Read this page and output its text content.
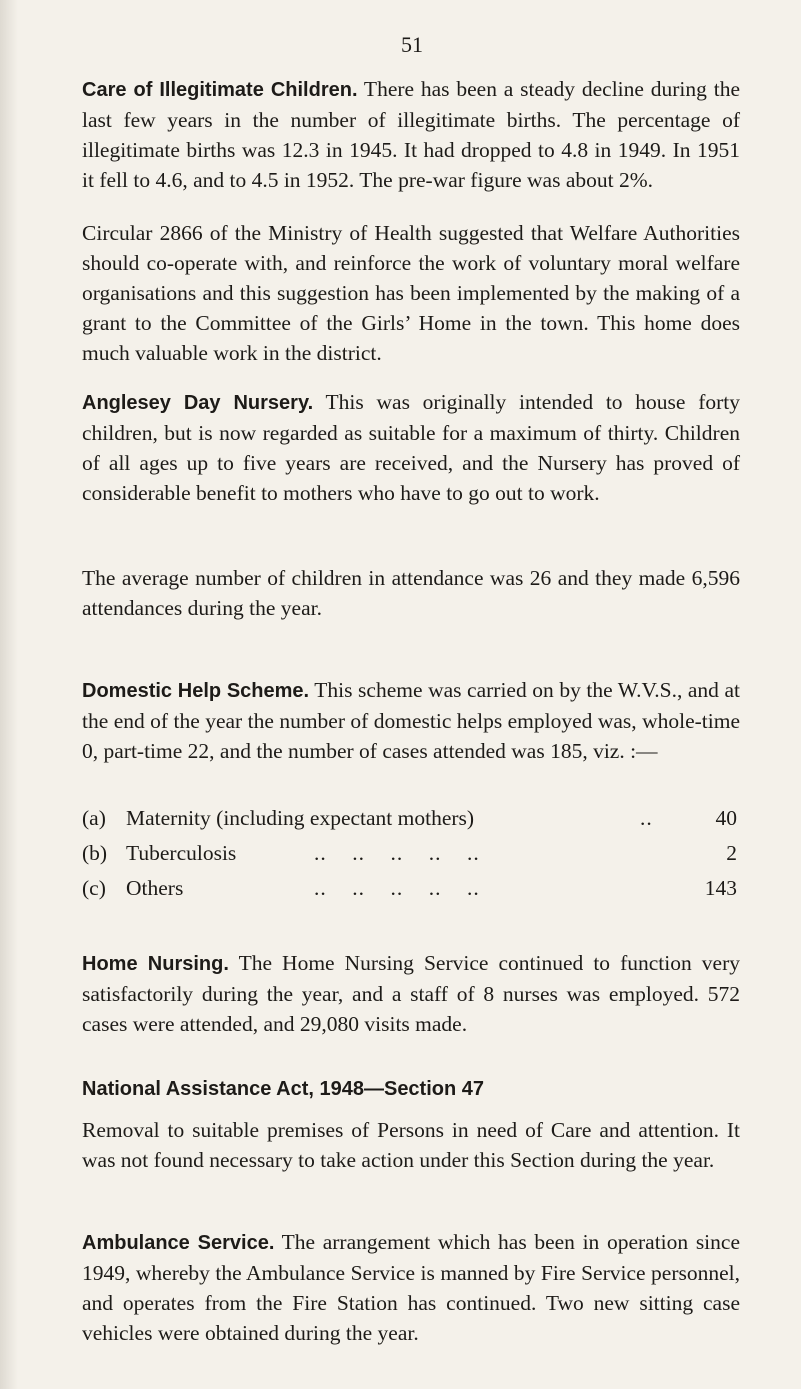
51

Care of Illegitimate Children. There has been a steady decline during the last few years in the number of illegitimate births. The percentage of illegitimate births was 12.3 in 1945. It had dropped to 4.8 in 1949. In 1951 it fell to 4.6, and to 4.5 in 1952. The pre-war figure was about 2%.

Circular 2866 of the Ministry of Health suggested that Welfare Authorities should co-operate with, and reinforce the work of voluntary moral welfare organisations and this suggestion has been implemented by the making of a grant to the Committee of the Girls’ Home in the town. This home does much valuable work in the district.

Anglesey Day Nursery. This was originally intended to house forty children, but is now regarded as suitable for a maximum of thirty. Children of all ages up to five years are received, and the Nursery has proved of considerable benefit to mothers who have to go out to work.

The average number of children in attendance was 26 and they made 6,596 attendances during the year.

Domestic Help Scheme. This scheme was carried on by the W.V.S., and at the end of the year the number of domestic helps employed was, whole-time 0, part-time 22, and the number of cases attended was 185, viz. :—

(a) Maternity (including expectant mothers)	..	40
(b) Tuberculosis	..    ..    ..    ..    ..	2
(c) Others	..    ..    ..    ..    ..	143

Home Nursing. The Home Nursing Service continued to function very satisfactorily during the year, and a staff of 8 nurses was employed. 572 cases were attended, and 29,080 visits made.

National Assistance Act, 1948—Section 47

Removal to suitable premises of Persons in need of Care and attention. It was not found necessary to take action under this Section during the year.

Ambulance Service. The arrangement which has been in operation since 1949, whereby the Ambulance Service is manned by Fire Service personnel, and operates from the Fire Station has continued. Two new sitting case vehicles were obtained during the year.
